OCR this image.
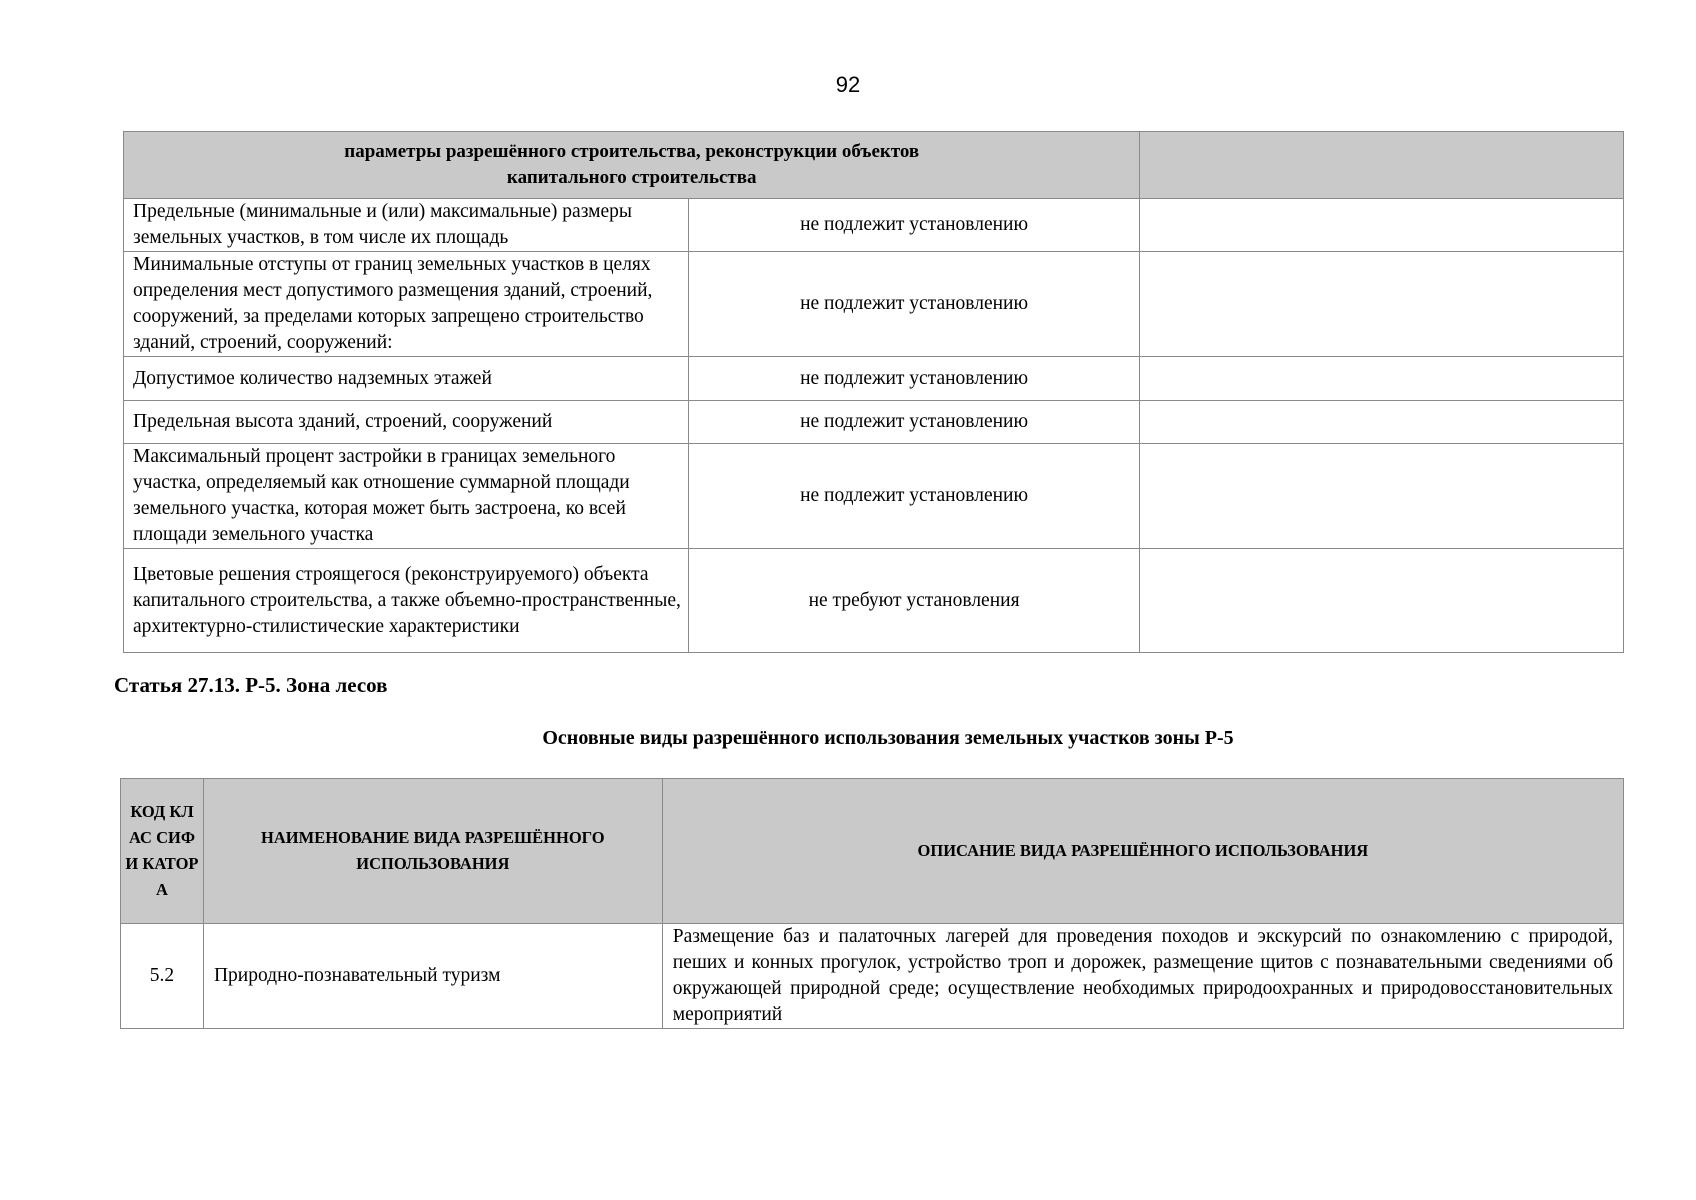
92
параметры разрешённого строительства, реконструкции объектов капитального строительства		
Предельные (минимальные и (или) максимальные) размеры земельных участков, в том числе их площадь	не подлежит установлению	
Минимальные отступы от границ земельных участков в целях определения мест допустимого размещения зданий, строений, сооружений, за пределами которых запрещено строительство зданий, строений, сооружений:	не подлежит установлению	
Допустимое количество надземных этажей	не подлежит установлению	
Предельная высота зданий, строений, сооружений	не подлежит установлению	
Максимальный процент застройки в границах земельного участка, определяемый как отношение суммарной площади земельного участка, которая может быть застроена, ко всей площади земельного участка	не подлежит установлению	
Цветовые решения строящегося (реконструируемого) объекта капитального строительства, а также объемно-пространственные, архитектурно-стилистические характеристики	не требуют установления	
Статья 27.13. Р-5. Зона лесов
Основные виды разрешённого использования земельных участков зоны Р-5
КОД КЛАС СИФИ КАТОР А	НАИМЕНОВАНИЕ ВИДА РАЗРЕШЁННОГО ИСПОЛЬЗОВАНИЯ	ОПИСАНИЕ ВИДА РАЗРЕШЁННОГО ИСПОЛЬЗОВАНИЯ
5.2	Природно-познавательный туризм	Размещение баз и палаточных лагерей для проведения походов и экскурсий по ознакомлению с природой, пеших и конных прогулок, устройство троп и дорожек, размещение щитов с познавательными сведениями об окружающей природной среде; осуществление необходимых природоохранных и природовосстановительных мероприятий
